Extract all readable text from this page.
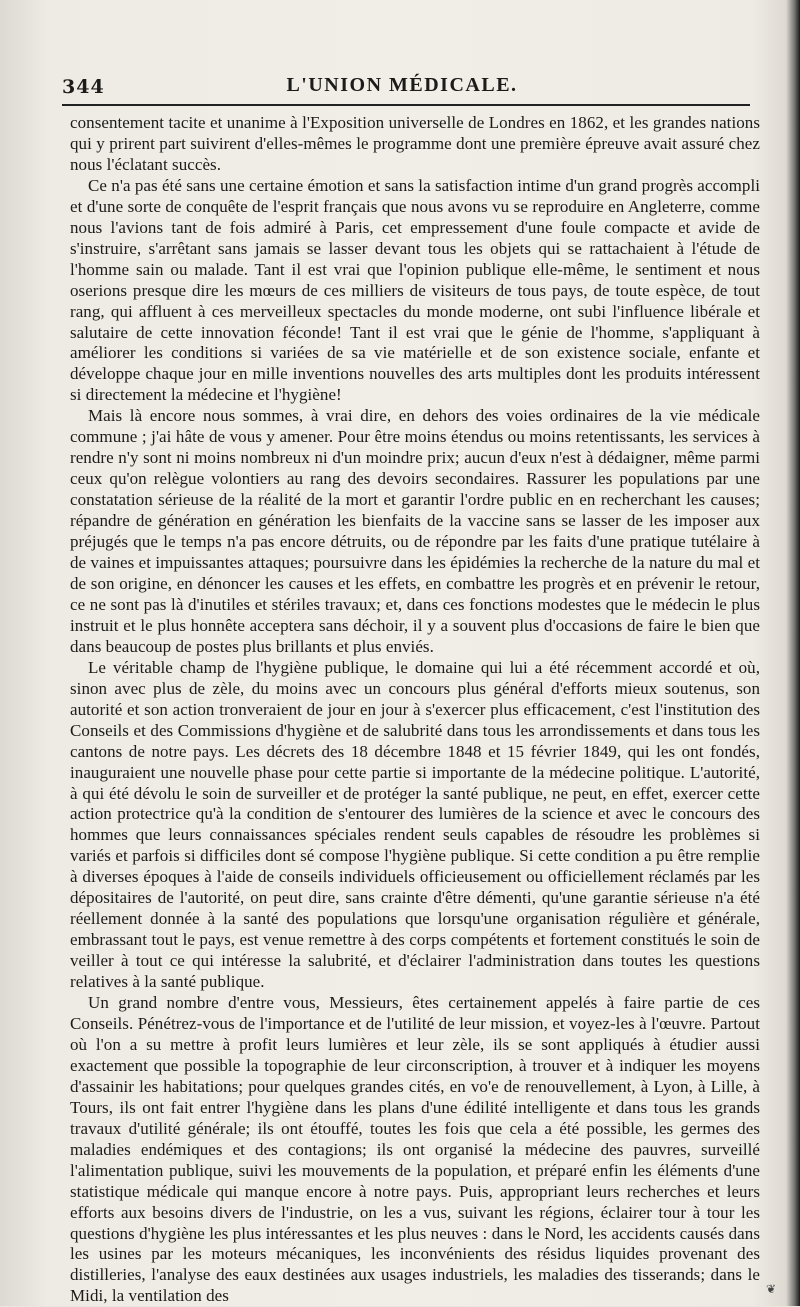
344	L'UNION MÉDICALE.

consentement tacite et unanime à l'Exposition universelle de Londres en 1862, et les grandes nations qui y prirent part suivirent d'elles-mêmes le programme dont une première épreuve avait assuré chez nous l'éclatant succès.

Ce n'a pas été sans une certaine émotion et sans la satisfaction intime d'un grand progrès accompli et d'une sorte de conquête de l'esprit français que nous avons vu se reproduire en Angleterre, comme nous l'avions tant de fois admiré à Paris, cet empressement d'une foule compacte et avide de s'instruire, s'arrêtant sans jamais se lasser devant tous les objets qui se rattachaient à l'étude de l'homme sain ou malade. Tant il est vrai que l'opinion publique elle-même, le sentiment et nous oserions presque dire les mœurs de ces milliers de visiteurs de tous pays, de toute espèce, de tout rang, qui affluent à ces merveilleux spectacles du monde moderne, ont subi l'influence libérale et salutaire de cette innovation féconde! Tant il est vrai que le génie de l'homme, s'appliquant à améliorer les conditions si variées de sa vie matérielle et de son existence sociale, enfante et développe chaque jour en mille inventions nouvelles des arts multiples dont les produits intéressent si directement la médecine et l'hygiène!

Mais là encore nous sommes, à vrai dire, en dehors des voies ordinaires de la vie médicale commune ; j'ai hâte de vous y amener. Pour être moins étendus ou moins retentissants, les services à rendre n'y sont ni moins nombreux ni d'un moindre prix; aucun d'eux n'est à dédaigner, même parmi ceux qu'on relègue volontiers au rang des devoirs secondaires. Rassurer les populations par une constatation sérieuse de la réalité de la mort et garantir l'ordre public en en recherchant les causes; répandre de génération en génération les bienfaits de la vaccine sans se lasser de les imposer aux préjugés que le temps n'a pas encore détruits, ou de répondre par les faits d'une pratique tutélaire à de vaines et impuissantes attaques; poursuivre dans les épidémies la recherche de la nature du mal et de son origine, en dénoncer les causes et les effets, en combattre les progrès et en prévenir le retour, ce ne sont pas là d'inutiles et stériles travaux; et, dans ces fonctions modestes que le médecin le plus instruit et le plus honnête acceptera sans déchoir, il y a souvent plus d'occasions de faire le bien que dans beaucoup de postes plus brillants et plus enviés.

Le véritable champ de l'hygiène publique, le domaine qui lui a été récemment accordé et où, sinon avec plus de zèle, du moins avec un concours plus général d'efforts mieux soutenus, son autorité et son action tronveraient de jour en jour à s'exercer plus efficacement, c'est l'institution des Conseils et des Commissions d'hygiène et de salubrité dans tous les arrondissements et dans tous les cantons de notre pays. Les décrets des 18 décembre 1848 et 15 février 1849, qui les ont fondés, inauguraient une nouvelle phase pour cette partie si importante de la médecine politique. L'autorité, à qui été dévolu le soin de surveiller et de protéger la santé publique, ne peut, en effet, exercer cette action protectrice qu'à la condition de s'entourer des lumières de la science et avec le concours des hommes que leurs connaissances spéciales rendent seuls capables de résoudre les problèmes si variés et parfois si difficiles dont sé compose l'hygiène publique. Si cette condition a pu être remplie à diverses époques à l'aide de conseils individuels officieusement ou officiellement réclamés par les dépositaires de l'autorité, on peut dire, sans crainte d'être démenti, qu'une garantie sérieuse n'a été réellement donnée à la santé des populations que lorsqu'une organisation régulière et générale, embrassant tout le pays, est venue remettre à des corps compétents et fortement constitués le soin de veiller à tout ce qui intéresse la salubrité, et d'éclairer l'administration dans toutes les questions relatives à la santé publique.

Un grand nombre d'entre vous, Messieurs, êtes certainement appelés à faire partie de ces Conseils. Pénétrez-vous de l'importance et de l'utilité de leur mission, et voyez-les à l'œuvre. Partout où l'on a su mettre à profit leurs lumières et leur zèle, ils se sont appliqués à étudier aussi exactement que possible la topographie de leur circonscription, à trouver et à indiquer les moyens d'assainir les habitations; pour quelques grandes cités, en vo'e de renouvellement, à Lyon, à Lille, à Tours, ils ont fait entrer l'hygiène dans les plans d'une édilité intelligente et dans tous les grands travaux d'utilité générale; ils ont étouffé, toutes les fois que cela a été possible, les germes des maladies endémiques et des contagions; ils ont organisé la médecine des pauvres, surveillé l'alimentation publique, suivi les mouvements de la population, et préparé enfin les éléments d'une statistique médicale qui manque encore à notre pays. Puis, appropriant leurs recherches et leurs efforts aux besoins divers de l'industrie, on les a vus, suivant les régions, éclairer tour à tour les questions d'hygiène les plus intéressantes et les plus neuves : dans le Nord, les accidents causés dans les usines par les moteurs mécaniques, les inconvénients des résidus liquides provenant des distilleries, l'analyse des eaux destinées aux usages industriels, les maladies des tisserands; dans le Midi, la ventilation des	❦
